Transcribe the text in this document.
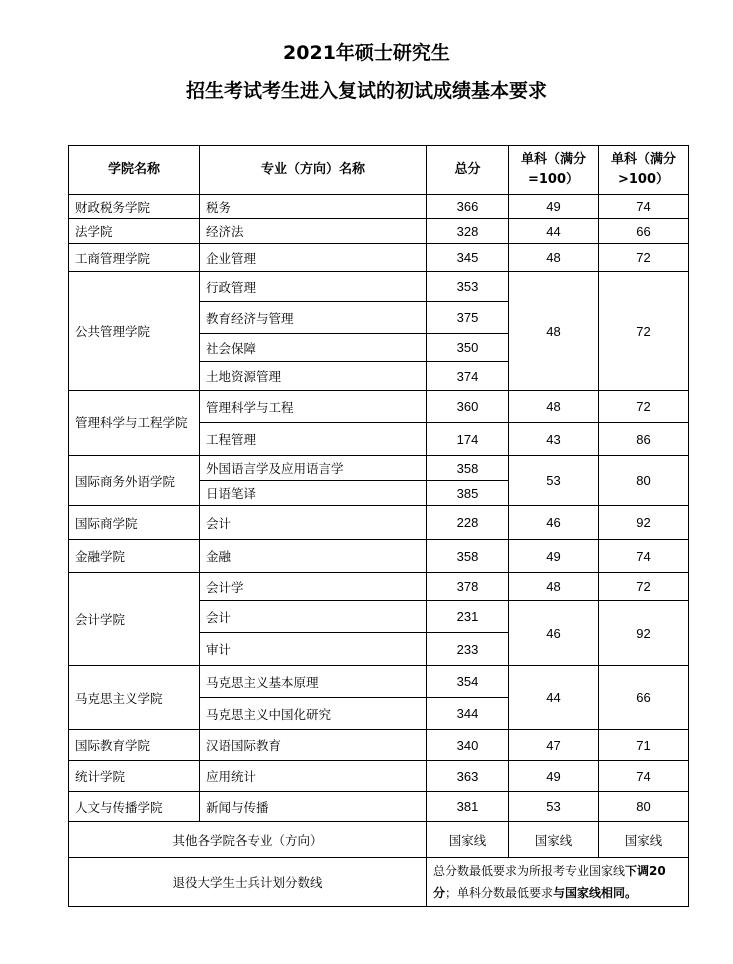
2021年硕士研究生
招生考试考生进入复试的初试成绩基本要求
学院名称	专业（方向）名称	总分	单科（满分=100）	单科（满分>100）
财政税务学院	税务	366	49	74
法学院	经济法	328	44	66
工商管理学院	企业管理	345	48	72
公共管理学院	行政管理	353	48	72
	教育经济与管理	375		
	社会保障	350		
	土地资源管理	374		
管理科学与工程学院	管理科学与工程	360	48	72
	工程管理	174	43	86
国际商务外语学院	外国语言学及应用语言学	358	53	80
	日语笔译	385		
国际商学院	会计	228	46	92
金融学院	金融	358	49	74
会计学院	会计学	378	48	72
	会计	231	46	92
	审计	233		
马克思主义学院	马克思主义基本原理	354	44	66
	马克思主义中国化研究	344		
国际教育学院	汉语国际教育	340	47	71
统计学院	应用统计	363	49	74
人文与传播学院	新闻与传播	381	53	80
其他各学院各专业（方向）		国家线	国家线	国家线
退役大学生士兵计划分数线		总分数最低要求为所报考专业国家线下调20分；单科分数最低要求与国家线相同。		
